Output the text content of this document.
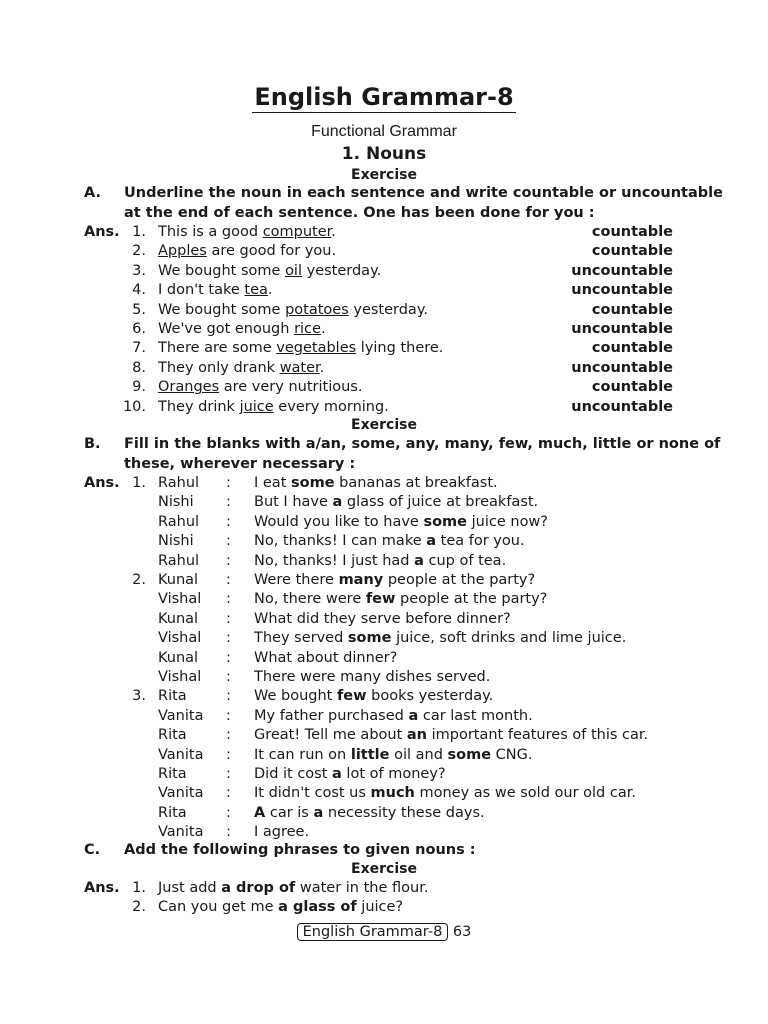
English Grammar-8
Functional Grammar
1. Nouns
Exercise
A. Underline the noun in each sentence and write countable or uncountable
at the end of each sentence. One has been done for you :
Ans. 1. This is a good computer.	countable
2. Apples are good for you.	countable
3. We bought some oil yesterday.	uncountable
4. I don't take tea.	uncountable
5. We bought some potatoes yesterday.	countable
6. We've got enough rice.	uncountable
7. There are some vegetables lying there.	countable
8. They only drank water.	uncountable
9. Oranges are very nutritious.	countable
10. They drink juice every morning.	uncountable
Exercise
B. Fill in the blanks with a/an, some, any, many, few, much, little or none of
these, wherever necessary :
Ans. 1. Rahul : I eat some bananas at breakfast.
Nishi : But I have a glass of juice at breakfast.
Rahul : Would you like to have some juice now?
Nishi : No, thanks! I can make a tea for you.
Rahul : No, thanks! I just had a cup of tea.
2. Kunal : Were there many people at the party?
Vishal : No, there were few people at the party?
Kunal : What did they serve before dinner?
Vishal : They served some juice, soft drinks and lime juice.
Kunal : What about dinner?
Vishal : There were many dishes served.
3. Rita	: We bought few books yesterday.
Vanita : My father purchased a car last month.
Rita	: Great! Tell me about an important features of this car.
Vanita : It can run on little oil and some CNG.
Rita	: Did it cost a lot of money?
Vanita : It didn't cost us much money as we sold our old car.
Rita	: A car is a necessity these days.
Vanita : I agree.
C. Add the following phrases to given nouns :
Exercise
Ans. 1. Just add a drop of water in the flour.
2. Can you get me a glass of juice?
English Grammar-8 63
